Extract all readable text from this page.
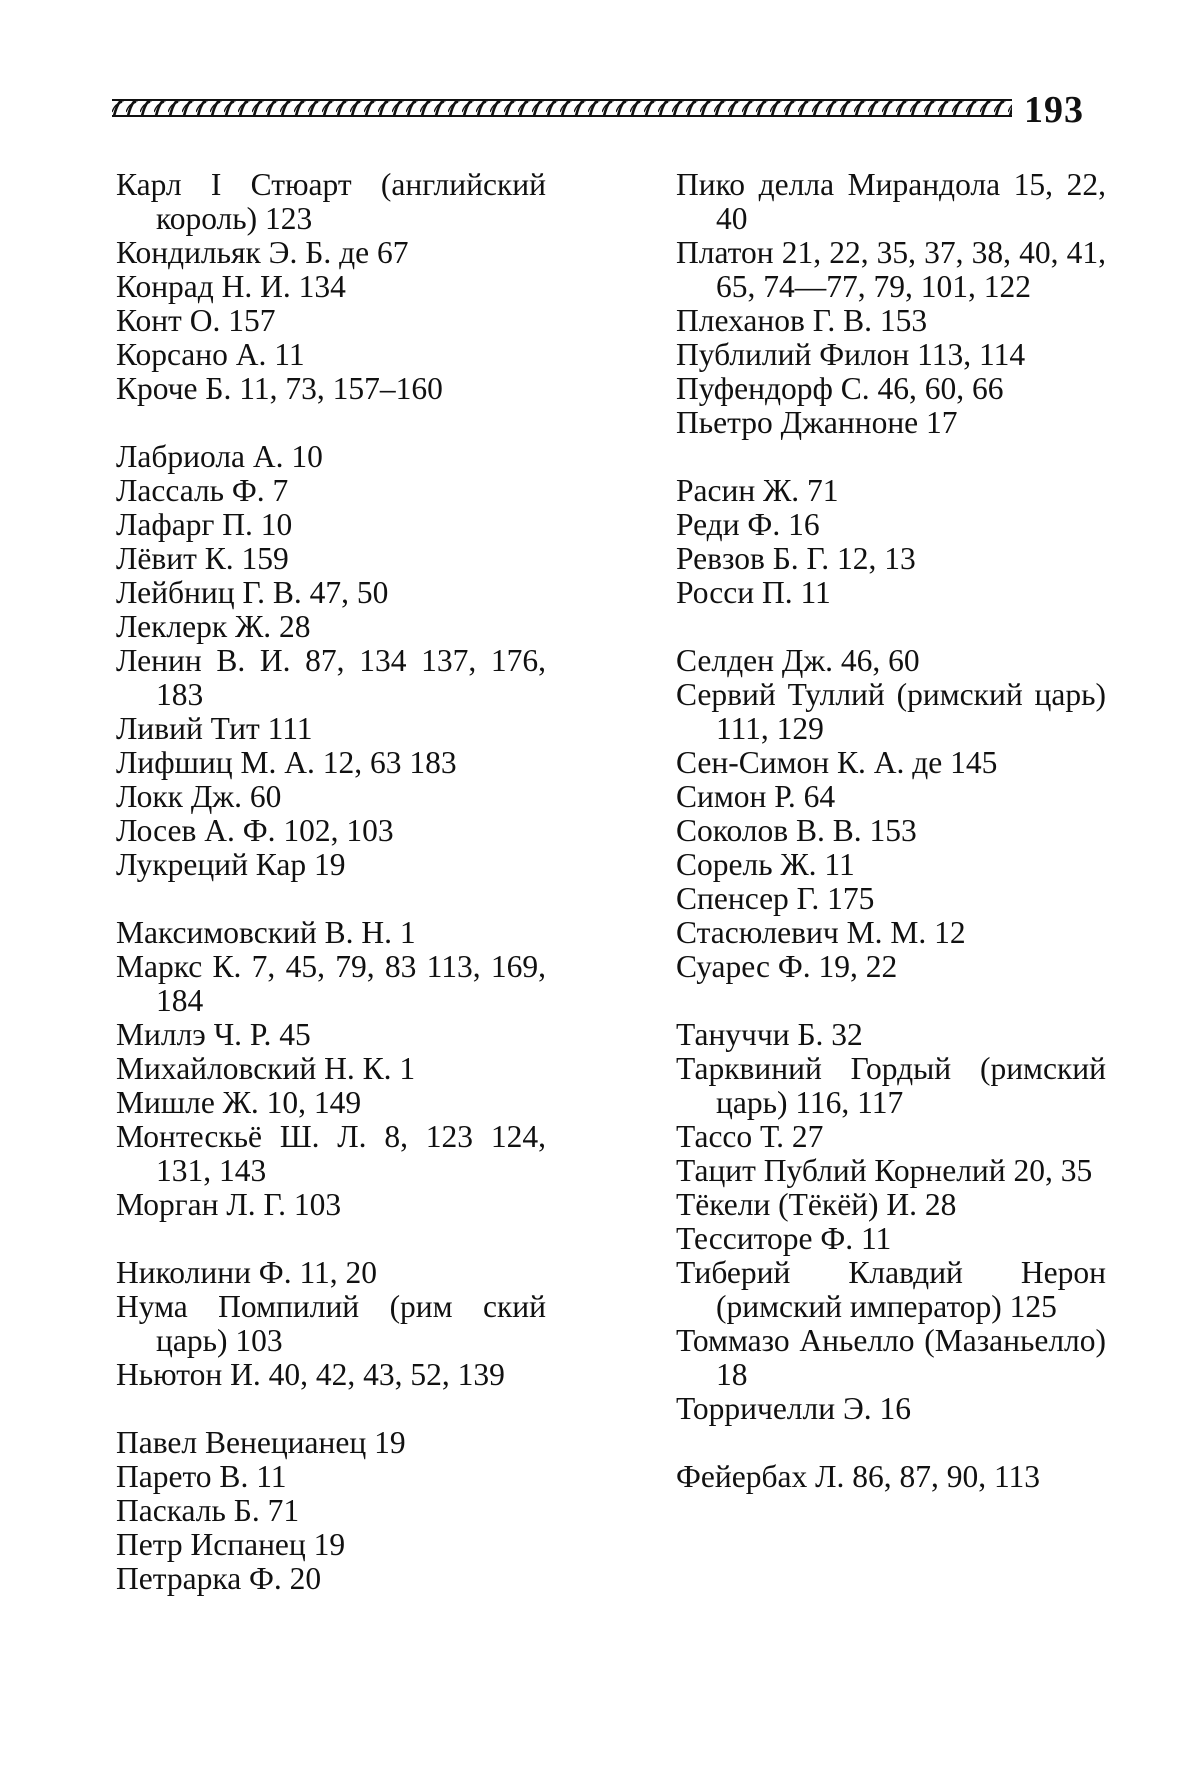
193

Карл I Стюарт (английский король) 123

Кондильяк Э. Б. де 67

Конрад Н. И. 134

Конт О. 157

Корсано А. 11

Кроче Б. 11, 73, 157–160

Лабриола А. 10

Лассаль Ф. 7

Лафарг П. 10

Лёвит К. 159

Лейбниц Г. В. 47, 50

Леклерк Ж. 28

Ленин В. И. 87, 134 137, 176, 183

Ливий Тит 111

Лифшиц М. А. 12, 63 183

Локк Дж. 60

Лосев А. Ф. 102, 103

Лукреций Кар 19

Максимовский В. Н. 1

Маркс К. 7, 45, 79, 83 113, 169, 184

Миллэ Ч. Р. 45

Михайловский Н. К. 1

Мишле Ж. 10, 149

Монтескьё Ш. Л. 8, 123 124, 131, 143

Морган Л. Г. 103

Николини Ф. 11, 20

Нума Помпилий (рим ский царь) 103

Ньютон И. 40, 42, 43, 52, 139

Павел Венецианец 19

Парето В. 11

Паскаль Б. 71

Петр Испанец 19

Петрарка Ф. 20

Пико делла Мирандола 15, 22, 40

Платон 21, 22, 35, 37, 38, 40, 41, 65, 74—77, 79, 101, 122

Плеханов Г. В. 153

Публилий Филон 113, 114

Пуфендорф С. 46, 60, 66

Пьетро Джанноне 17

Расин Ж. 71

Реди Ф. 16

Ревзов Б. Г. 12, 13

Росси П. 11

Селден Дж. 46, 60

Сервий Туллий (римский царь) 111, 129

Сен-Симон К. А. де 145

Симон Р. 64

Соколов В. В. 153

Сорель Ж. 11

Спенсер Г. 175

Стасюлевич М. М. 12

Суарес Ф. 19, 22

Тануччи Б. 32

Тарквиний Гордый (римский царь) 116, 117

Тассо Т. 27

Тацит Публий Корнелий 20, 35

Тёкели (Тёкёй) И. 28

Тесситоре Ф. 11

Тиберий Клавдий Нерон (римский император) 125

Томмазо Аньелло (Мазаньелло) 18

Торричелли Э. 16

Фейербах Л. 86, 87, 90, 113
